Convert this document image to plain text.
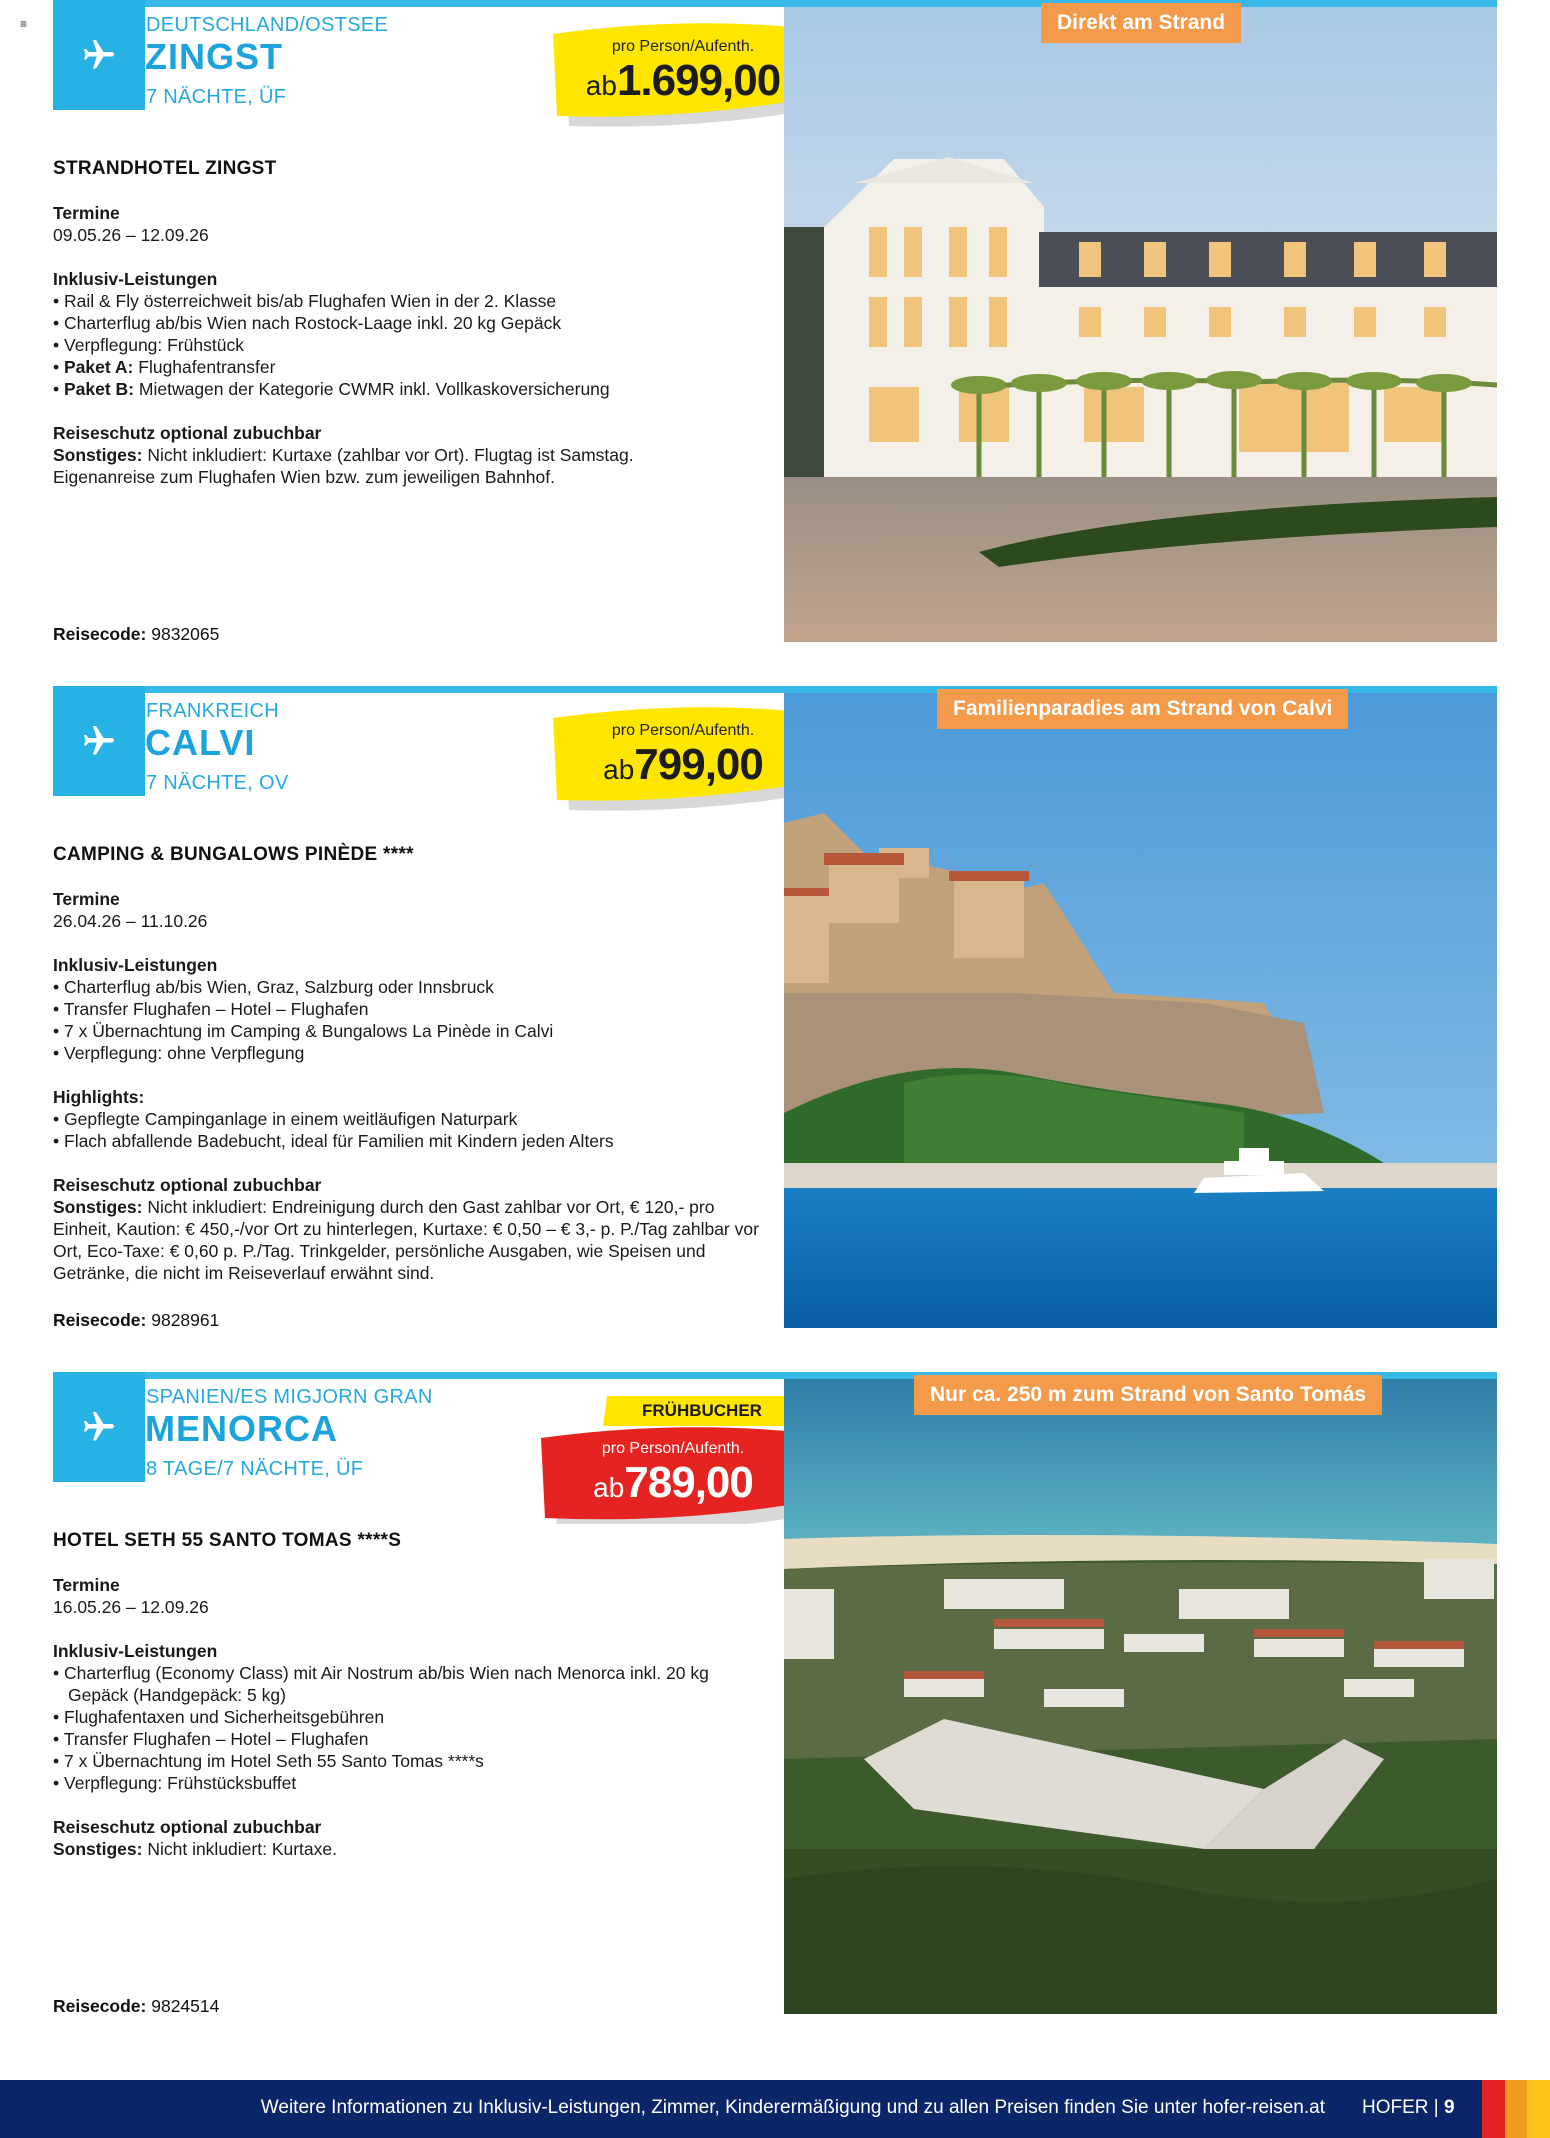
≡	DEUTSCHLAND/OSTSEE
ZINGST
7 NÄCHTE, ÜF
pro Person/Aufenth.
ab1.699,00
STRANDHOTEL ZINGST
Termine
09.05.26 – 12.09.26
Inklusiv-Leistungen
• Rail & Fly österreichweit bis/ab Flughafen Wien in der 2. Klasse
• Charterflug ab/bis Wien nach Rostock-Laage inkl. 20 kg Gepäck
• Verpflegung: Frühstück
• Paket A: Flughafentransfer
• Paket B: Mietwagen der Kategorie CWMR inkl. Vollkaskoversicherung
Reiseschutz optional zubuchbar
Sonstiges: Nicht inkludiert: Kurtaxe (zahlbar vor Ort). Flugtag ist Samstag. Eigenanreise zum Flughafen Wien bzw. zum jeweiligen Bahnhof.
Reisecode: 9832065
Direkt am Strand
FRANKREICH
CALVI
7 NÄCHTE, OV
pro Person/Aufenth.
ab799,00
CAMPING & BUNGALOWS PINÈDE ****
Termine
26.04.26 – 11.10.26
Inklusiv-Leistungen
• Charterflug ab/bis Wien, Graz, Salzburg oder Innsbruck
• Transfer Flughafen – Hotel – Flughafen
• 7 x Übernachtung im Camping & Bungalows La Pinède in Calvi
• Verpflegung: ohne Verpflegung
Highlights:
• Gepflegte Campinganlage in einem weitläufigen Naturpark
• Flach abfallende Badebucht, ideal für Familien mit Kindern jeden Alters
Reiseschutz optional zubuchbar
Sonstiges: Nicht inkludiert: Endreinigung durch den Gast zahlbar vor Ort, € 120,- pro Einheit, Kaution: € 450,-/vor Ort zu hinterlegen, Kurtaxe: € 0,50 – € 3,- p. P./Tag zahlbar vor Ort, Eco-Taxe: € 0,60 p. P./Tag. Trinkgelder, persönliche Ausgaben, wie Speisen und Getränke, die nicht im Reiseverlauf erwähnt sind.
Reisecode: 9828961
Familienparadies am Strand von Calvi
SPANIEN/ES MIGJORN GRAN
MENORCA
8 TAGE/7 NÄCHTE, ÜF
FRÜHBUCHER
pro Person/Aufenth.
ab789,00
HOTEL SETH 55 SANTO TOMAS ****S
Termine
16.05.26 – 12.09.26
Inklusiv-Leistungen
• Charterflug (Economy Class) mit Air Nostrum ab/bis Wien nach Menorca inkl. 20 kg Gepäck (Handgepäck: 5 kg)
• Flughafentaxen und Sicherheitsgebühren
• Transfer Flughafen – Hotel – Flughafen
• 7 x Übernachtung im Hotel Seth 55 Santo Tomas ****s
• Verpflegung: Frühstücksbuffet
Reiseschutz optional zubuchbar
Sonstiges: Nicht inkludiert: Kurtaxe.
Reisecode: 9824514
Nur ca. 250 m zum Strand von Santo Tomás
Weitere Informationen zu Inklusiv-Leistungen, Zimmer, Kinderermäßigung und zu allen Preisen finden Sie unter hofer-reisen.at HOFER | 9
